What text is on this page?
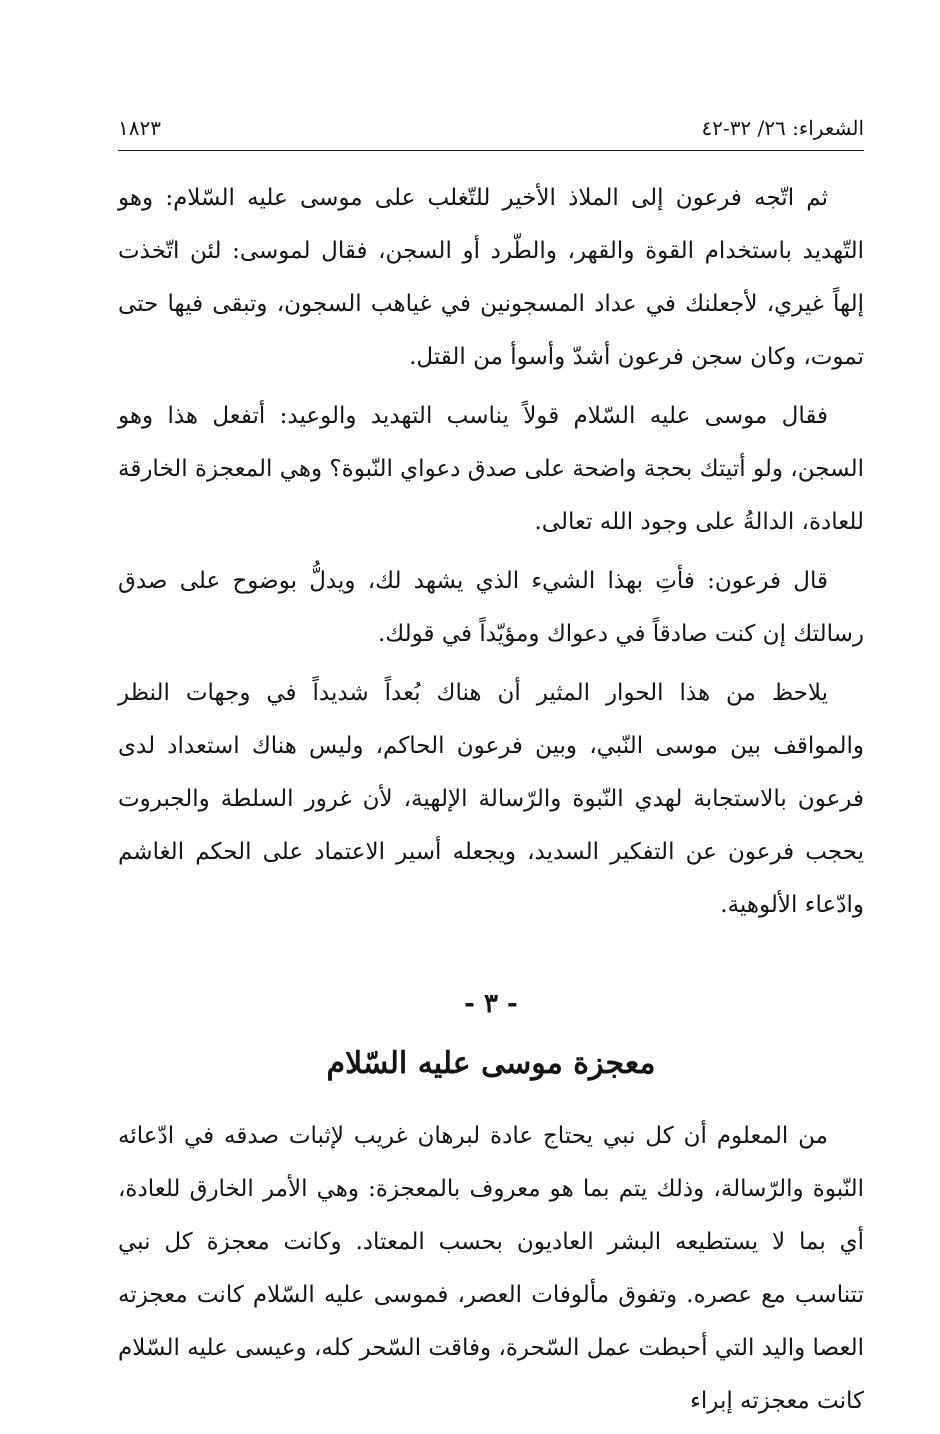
الشعراء: ٢٦/ ٣٢-٤٢
١٨٢٣

ثم اتّجه فرعون إلى الملاذ الأخير للتّغلب على موسى عليه السّلام: وهو التّهديد باستخدام القوة والقهر، والطّرد أو السجن، فقال لموسى: لئن اتّخذت إلهاً غيري، لأجعلنك في عداد المسجونين في غياهب السجون، وتبقى فيها حتى تموت، وكان سجن فرعون أشدّ وأسوأ من القتل.

فقال موسى عليه السّلام قولاً يناسب التهديد والوعيد: أتفعل هذا وهو السجن، ولو أتيتك بحجة واضحة على صدق دعواي النّبوة؟ وهي المعجزة الخارقة للعادة، الدالةُ على وجود الله تعالى.

قال فرعون: فأتِ بهذا الشيء الذي يشهد لك، ويدلُّ بوضوح على صدق رسالتك إن كنت صادقاً في دعواك ومؤيّداً في قولك.

يلاحظ من هذا الحوار المثير أن هناك بُعداً شديداً في وجهات النظر والمواقف بين موسى النّبي، وبين فرعون الحاكم، وليس هناك استعداد لدى فرعون بالاستجابة لهدي النّبوة والرّسالة الإلهية، لأن غرور السلطة والجبروت يحجب فرعون عن التفكير السديد، ويجعله أسير الاعتماد على الحكم الغاشم وادّعاء الألوهية.

- ٣ -
معجزة موسى عليه السّلام

من المعلوم أن كل نبي يحتاج عادة لبرهان غريب لإثبات صدقه في ادّعائه النّبوة والرّسالة، وذلك يتم بما هو معروف بالمعجزة: وهي الأمر الخارق للعادة، أي بما لا يستطيعه البشر العاديون بحسب المعتاد. وكانت معجزة كل نبي تتناسب مع عصره. وتفوق مألوفات العصر، فموسى عليه السّلام كانت معجزته العصا واليد التي أحبطت عمل السّحرة، وفاقت السّحر كله، وعيسى عليه السّلام كانت معجزته إبراء
